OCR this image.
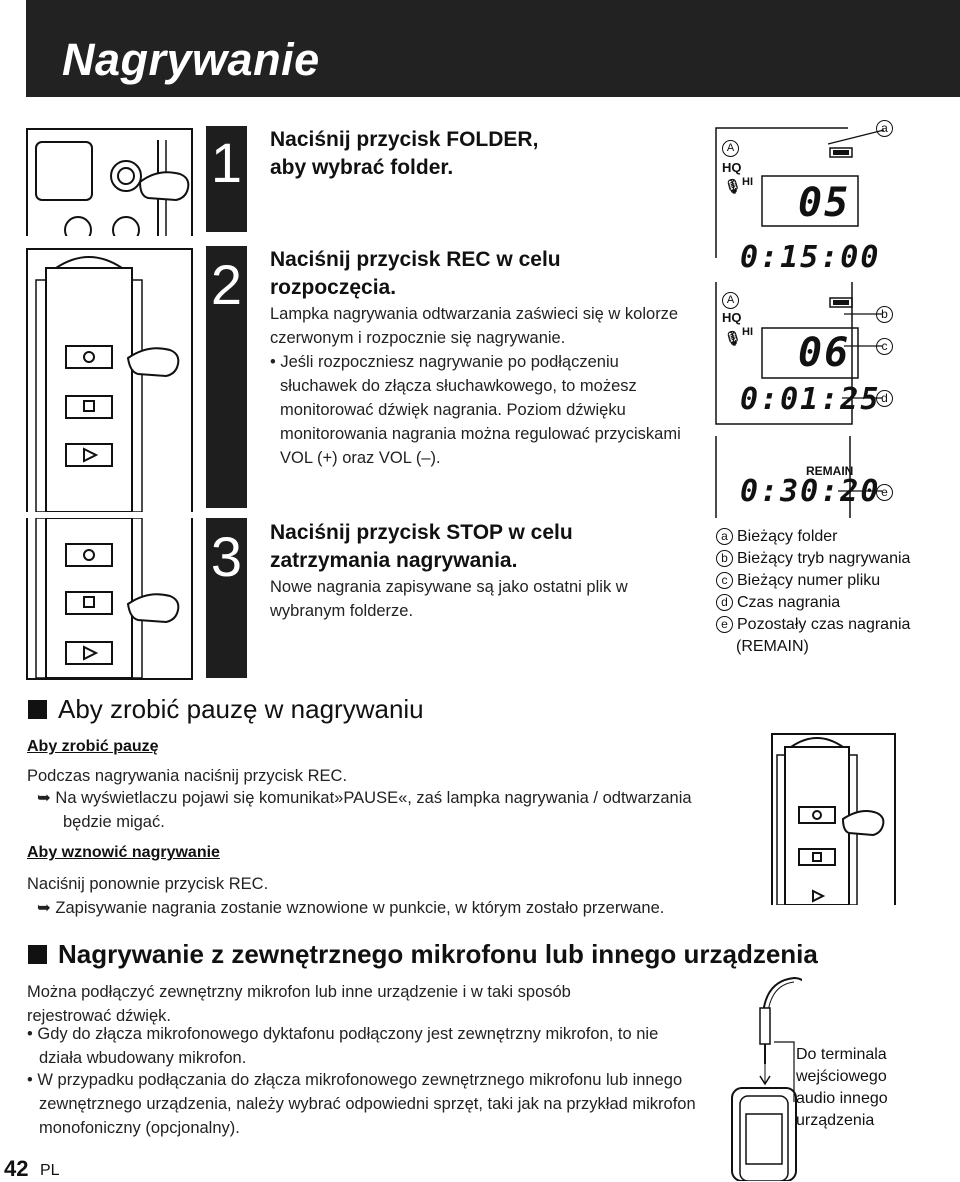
Nagrywanie
1
2
3
Naciśnij przycisk FOLDER,
aby wybrać folder.
Naciśnij przycisk REC w celu rozpoczęcia.
Lampka nagrywania odtwarzania zaświeci się w kolorze czerwonym i rozpocznie się nagrywanie.
• Jeśli rozpoczniesz nagrywanie po podłączeniu słuchawek do złącza słuchawkowego, to możesz monitorować dźwięk nagrania. Poziom dźwięku monitorowania nagrania można regulować przyciskami VOL (+) oraz VOL (–).
Naciśnij przycisk STOP w celu zatrzymania nagrywania.
Nowe nagrania zapisywane są jako ostatni plik w wybranym folderze.
a
A
HQ
🎙 HI 05
0:15:00
A
HQ
🎙 HI 06
0:01:25
REMAIN
0:30:20
b
c
d
e
a Bieżący folder
b Bieżący tryb nagrywania
c Bieżący numer pliku
d Czas nagrania
e Pozostały czas nagrania (REMAIN)
Aby zrobić pauzę w nagrywaniu
Aby zrobić pauzę
Podczas nagrywania naciśnij przycisk REC.
➥ Na wyświetlaczu pojawi się komunikat»PAUSE«, zaś lampka nagrywania / odtwarzania będzie migać.
Aby wznowić nagrywanie
Naciśnij ponownie przycisk REC.
➥ Zapisywanie nagrania zostanie wznowione w punkcie, w którym zostało przerwane.
Nagrywanie z zewnętrznego mikrofonu lub innego urządzenia
Można podłączyć zewnętrzny mikrofon lub inne urządzenie i w taki sposób rejestrować dźwięk.
• Gdy do złącza mikrofonowego dyktafonu podłączony jest zewnętrzny mikrofon, to nie działa wbudowany mikrofon.
• W przypadku podłączania do złącza mikrofonowego zewnętrznego mikrofonu lub innego zewnętrznego urządzenia, należy wybrać odpowiedni sprzęt, taki jak na przykład mikrofon monofoniczny (opcjonalny).
Do terminala wejściowego audio innego urządzenia
42 PL
